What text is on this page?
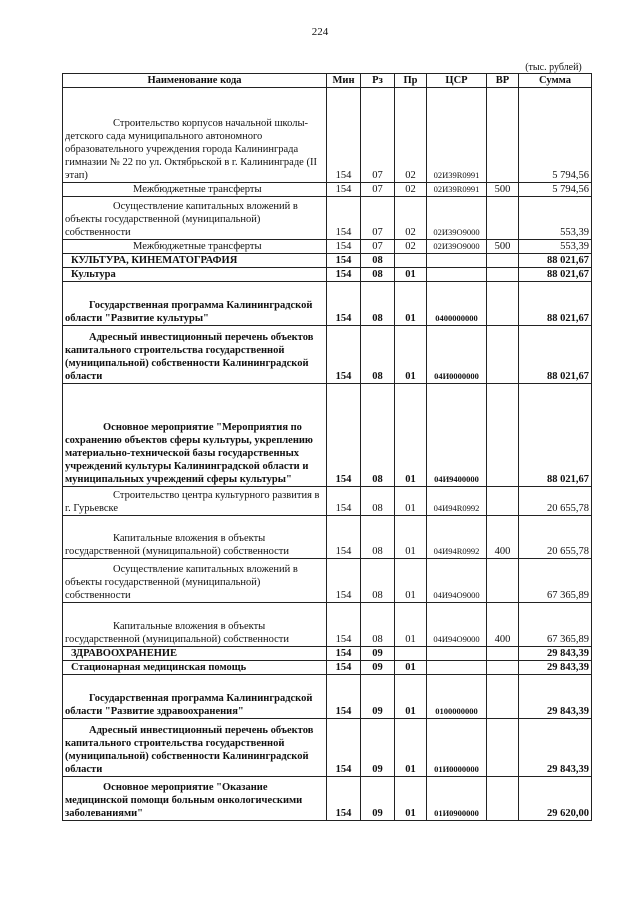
224
(тыс. рублей)
Наименование кода	Мин	Рз	Пр	ЦСР	ВР	Сумма
Строительство корпусов начальной школы-детского сада муниципального автономного образовательного учреждения города Калининграда гимназии № 22 по ул. Октябрьской в г. Калининграде (II этап)	154	07	02	02И39R0991		5 794,56
Межбюджетные трансферты	154	07	02	02И39R0991	500	5 794,56
Осуществление капитальных вложений в объекты государственной (муниципальной) собственности	154	07	02	02И39О9000		553,39
Межбюджетные трансферты	154	07	02	02И39О9000	500	553,39
КУЛЬТУРА, КИНЕМАТОГРАФИЯ	154	08				88 021,67
Культура	154	08	01			88 021,67
Государственная программа Калининградской области "Развитие культуры"	154	08	01	0400000000		88 021,67
Адресный инвестиционный перечень объектов капитального строительства государственной (муниципальной) собственности Калининградской области	154	08	01	04И0000000		88 021,67
Основное мероприятие "Мероприятия по сохранению объектов сферы культуры, укреплению материально-технической базы государственных учреждений культуры Калининградской области и муниципальных учреждений сферы культуры"	154	08	01	04И9400000		88 021,67
Строительство центра культурного развития в г. Гурьевске	154	08	01	04И94R0992		20 655,78
Капитальные вложения в объекты государственной (муниципальной) собственности	154	08	01	04И94R0992	400	20 655,78
Осуществление капитальных вложений в объекты государственной (муниципальной) собственности	154	08	01	04И94О9000		67 365,89
Капитальные вложения в объекты государственной (муниципальной) собственности	154	08	01	04И94О9000	400	67 365,89
ЗДРАВООХРАНЕНИЕ	154	09				29 843,39
Стационарная медицинская помощь	154	09	01			29 843,39
Государственная программа Калининградской области "Развитие здравоохранения"	154	09	01	0100000000		29 843,39
Адресный инвестиционный перечень объектов капитального строительства государственной (муниципальной) собственности Калининградской области	154	09	01	01И0000000		29 843,39
Основное мероприятие "Оказание медицинской помощи больным онкологическими заболеваниями"	154	09	01	01И0900000		29 620,00
